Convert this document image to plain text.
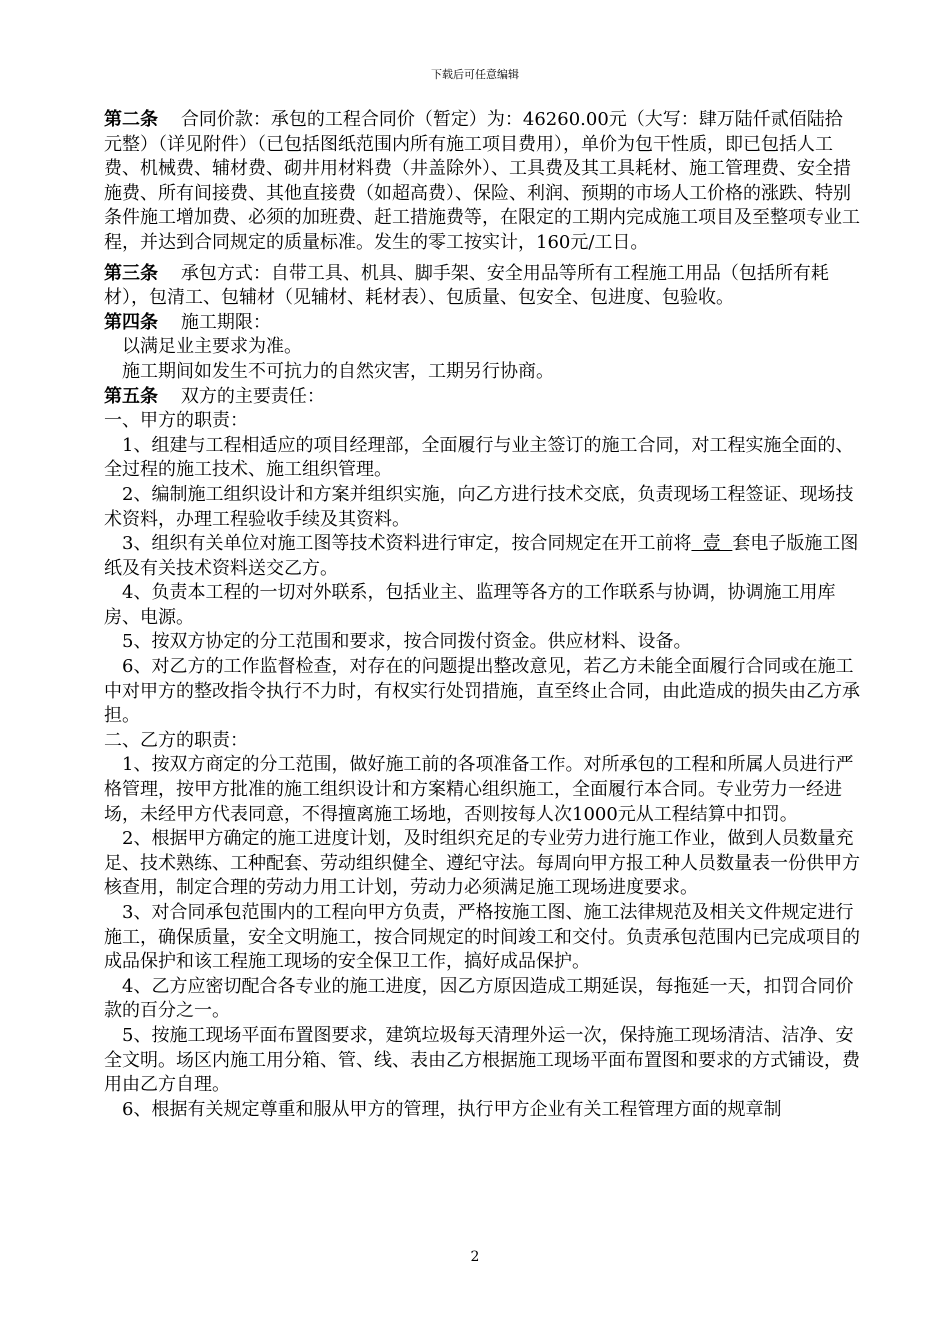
下载后可任意编辑

第二条 合同价款：承包的工程合同价（暂定）为：46260.00元（大写：肆万陆仟贰佰陆拾元整）（详见附件）（已包括图纸范围内所有施工项目费用），单价为包干性质，即已包括人工费、机械费、辅材费、砌井用材料费（井盖除外）、工具费及其工具耗材、施工管理费、安全措施费、所有间接费、其他直接费（如超高费）、保险、利润、预期的市场人工价格的涨跌、特别条件施工增加费、必须的加班费、赶工措施费等，在限定的工期内完成施工项目及至整项专业工程，并达到合同规定的质量标准。发生的零工按实计，160元/工日。

第三条 承包方式：自带工具、机具、脚手架、安全用品等所有工程施工用品（包括所有耗材），包清工、包辅材（见辅材、耗材表）、包质量、包安全、包进度、包验收。

第四条 施工期限：

以满足业主要求为准。

施工期间如发生不可抗力的自然灾害，工期另行协商。

第五条 双方的主要责任：

一、甲方的职责：

1、组建与工程相适应的项目经理部，全面履行与业主签订的施工合同，对工程实施全面的、全过程的施工技术、施工组织管理。

2、编制施工组织设计和方案并组织实施，向乙方进行技术交底，负责现场工程签证、现场技术资料，办理工程验收手续及其资料。

3、组织有关单位对施工图等技术资料进行审定，按合同规定在开工前将  壹  套电子版施工图纸及有关技术资料送交乙方。

4、负责本工程的一切对外联系，包括业主、监理等各方的工作联系与协调，协调施工用库房、电源。

5、按双方协定的分工范围和要求，按合同拨付资金。供应材料、设备。

6、对乙方的工作监督检查，对存在的问题提出整改意见，若乙方未能全面履行合同或在施工中对甲方的整改指令执行不力时，有权实行处罚措施，直至终止合同，由此造成的损失由乙方承担。

二、乙方的职责：

1、按双方商定的分工范围，做好施工前的各项准备工作。对所承包的工程和所属人员进行严格管理，按甲方批准的施工组织设计和方案精心组织施工，全面履行本合同。专业劳力一经进场，未经甲方代表同意，不得擅离施工场地，否则按每人次1000元从工程结算中扣罚。

2、根据甲方确定的施工进度计划，及时组织充足的专业劳力进行施工作业，做到人员数量充足、技术熟练、工种配套、劳动组织健全、遵纪守法。每周向甲方报工种人员数量表一份供甲方核查用，制定合理的劳动力用工计划，劳动力必须满足施工现场进度要求。

3、对合同承包范围内的工程向甲方负责，严格按施工图、施工法律规范及相关文件规定进行施工，确保质量，安全文明施工，按合同规定的时间竣工和交付。负责承包范围内已完成项目的成品保护和该工程施工现场的安全保卫工作，搞好成品保护。

4、乙方应密切配合各专业的施工进度，因乙方原因造成工期延误，每拖延一天，扣罚合同价款的百分之一。

5、按施工现场平面布置图要求，建筑垃圾每天清理外运一次，保持施工现场清洁、洁净、安全文明。场区内施工用分箱、管、线、表由乙方根据施工现场平面布置图和要求的方式铺设，费用由乙方自理。

6、根据有关规定尊重和服从甲方的管理，执行甲方企业有关工程管理方面的规章制

2
